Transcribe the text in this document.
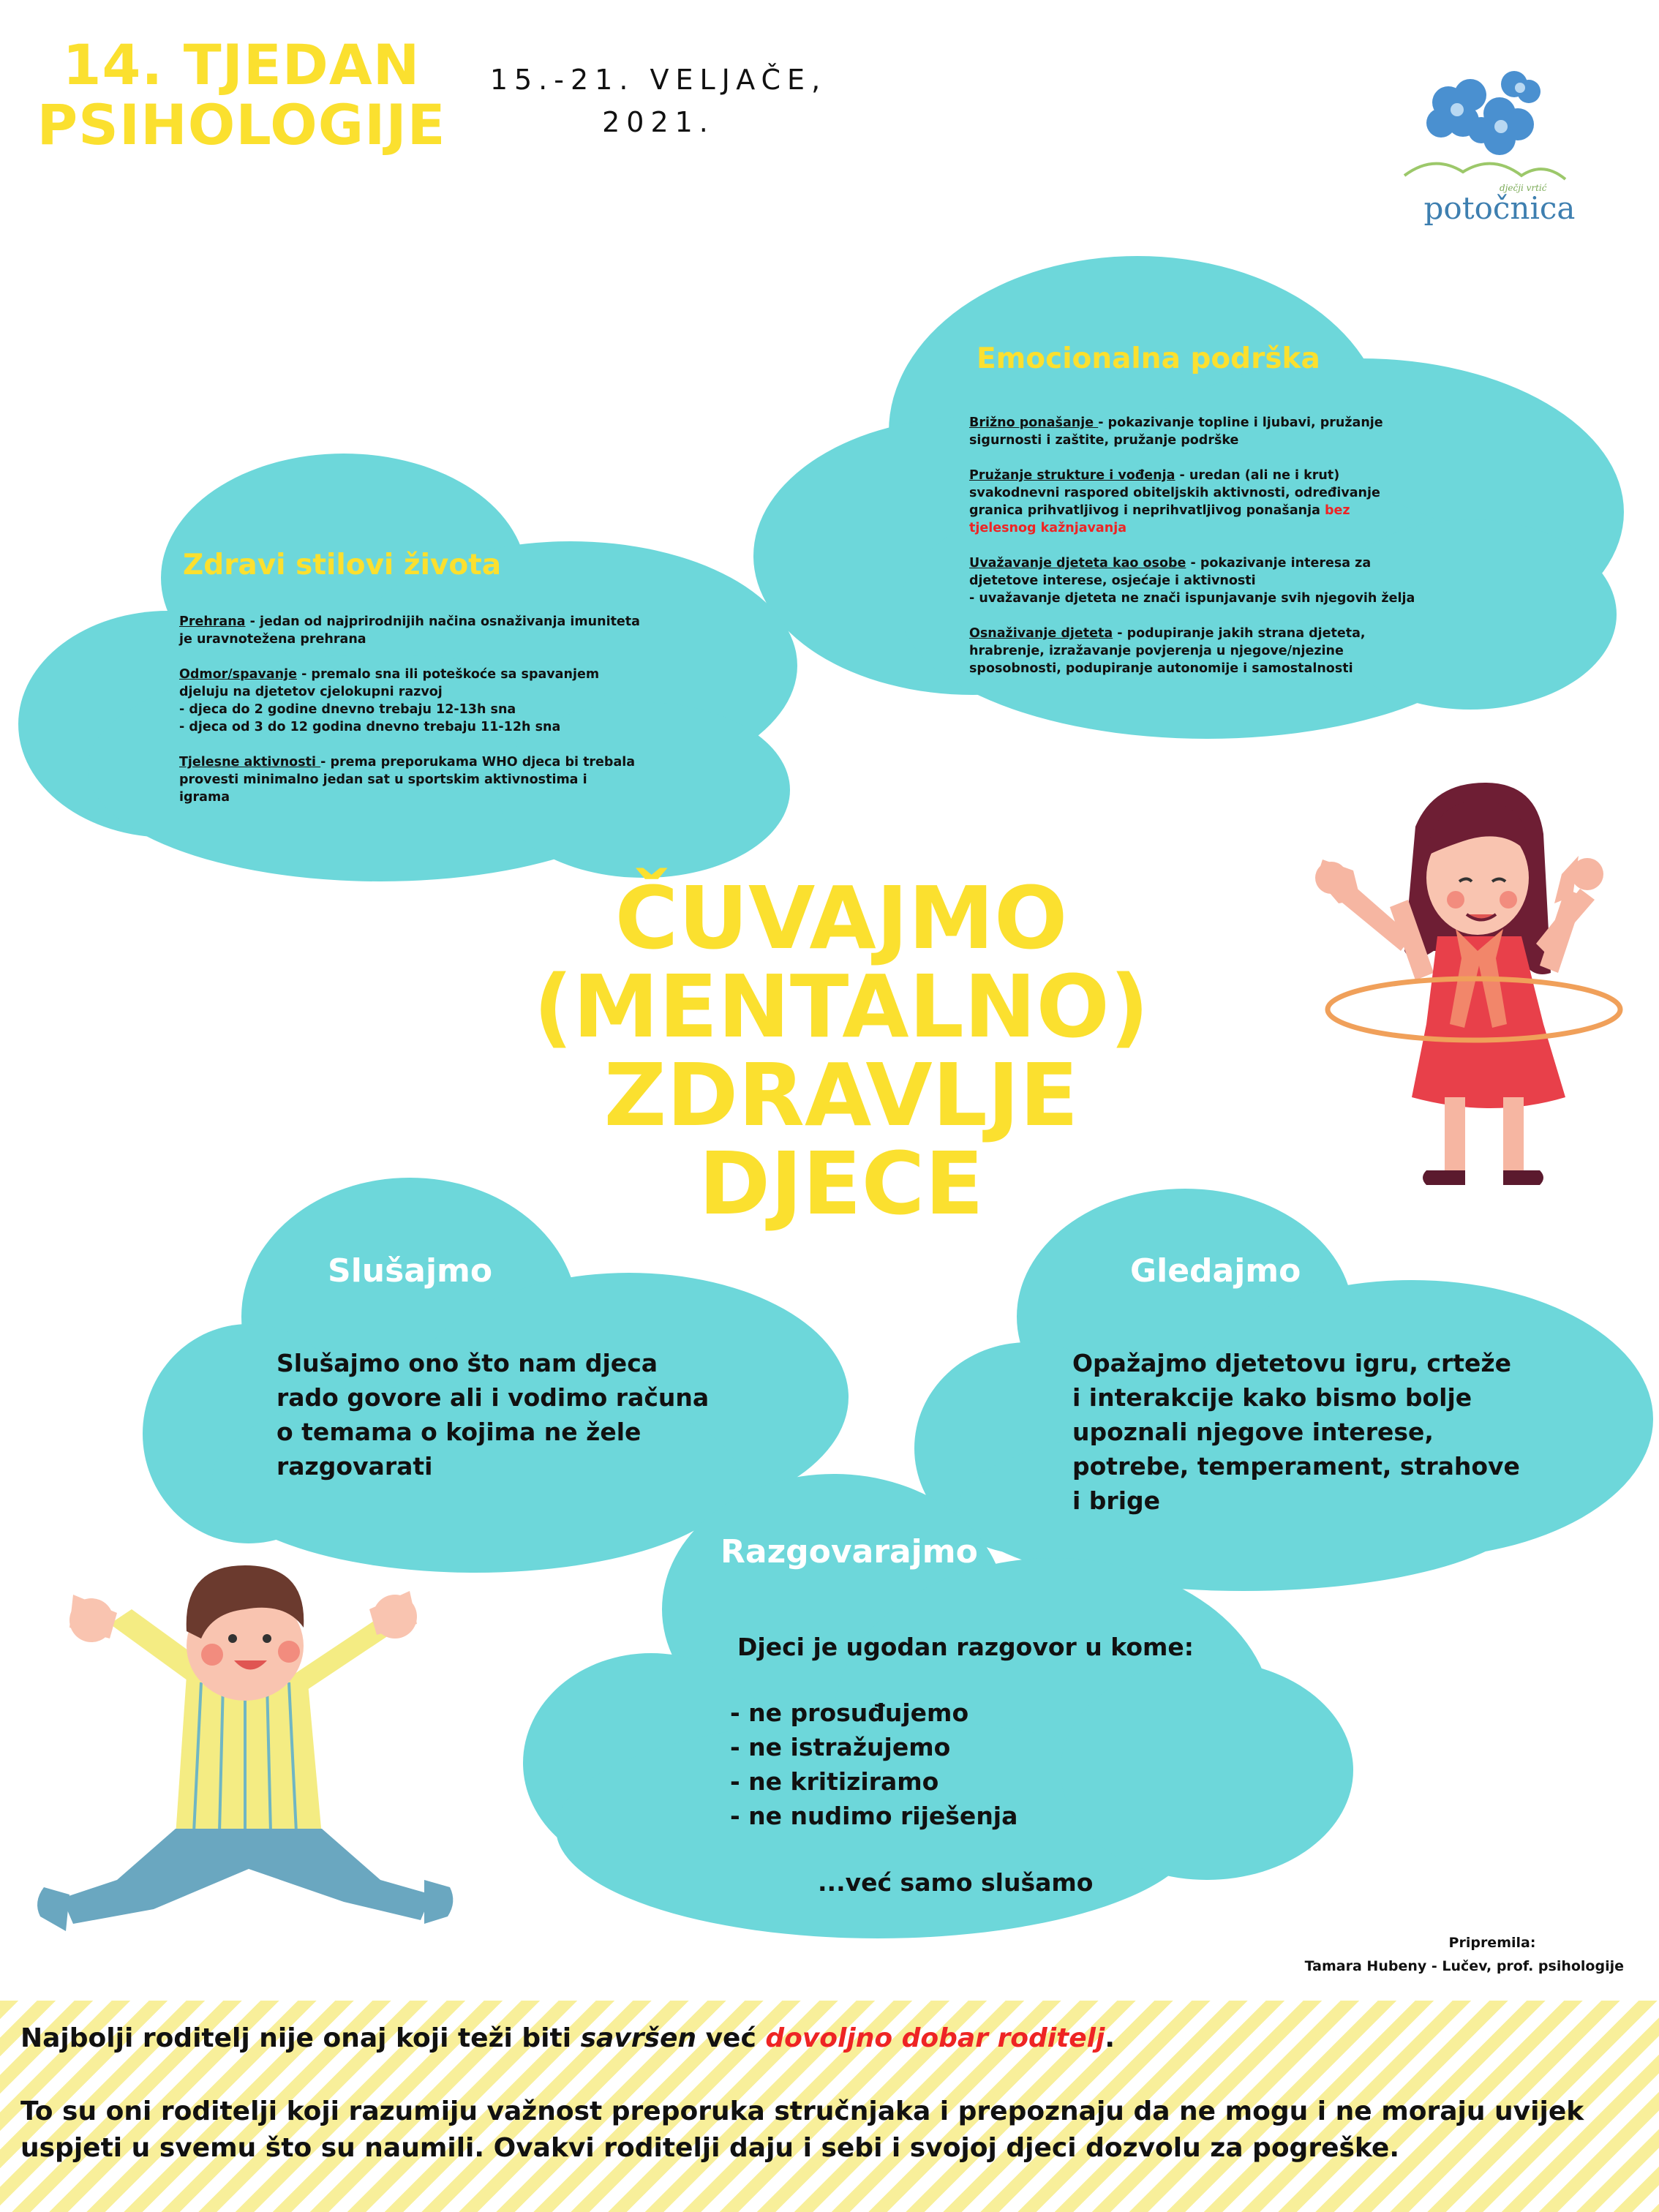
14. TJEDAN
PSIHOLOGIJE
15.-21. VELJAČE,
2021.
dječji vrtić
potočnica
Emocionalna podrška

Brižno ponašanje - pokazivanje topline i ljubavi, pružanje sigurnosti i zaštite, pružanje podrške

Pružanje strukture i vođenja - uredan (ali ne i krut) svakodnevni raspored obiteljskih aktivnosti, određivanje granica prihvatljivog i neprihvatljivog ponašanja bez tjelesnog kažnjavanja

Uvažavanje djeteta kao osobe - pokazivanje interesa za djetetove interese, osjećaje i aktivnosti
- uvažavanje djeteta ne znači ispunjavanje svih njegovih želja

Osnaživanje djeteta - podupiranje jakih strana djeteta, hrabrenje, izražavanje povjerenja u njegove/njezine sposobnosti, podupiranje autonomije i samostalnosti

Zdravi stilovi života

Prehrana - jedan od najprirodnijih načina osnaživanja imuniteta je uravnotežena prehrana

Odmor/spavanje - premalo sna ili poteškoće sa spavanjem djeluju na djetetov cjelokupni razvoj
- djeca do 2 godine dnevno trebaju 12-13h sna
- djeca od 3 do 12 godina dnevno trebaju 11-12h sna

Tjelesne aktivnosti - prema preporukama WHO djeca bi trebala provesti minimalno jedan sat u sportskim aktivnostima i igrama

ČUVAJMO
(MENTALNO)
ZDRAVLJE
DJECE
Slušajmo
Slušajmo ono što nam djeca rado govore ali i vodimo računa o temama o kojima ne žele razgovarati
Gledajmo
Opažajmo djetetovu igru, crteže i interakcije kako bismo bolje upoznali njegove interese, potrebe, temperament, strahove i brige
Razgovarajmo
Djeci je ugodan razgovor u kome:
- ne prosuđujemo
- ne istražujemo
- ne kritiziramo
- ne nudimo riješenja
...već samo slušamo
Pripremila:
Tamara Hubeny - Lučev, prof. psihologije

Najbolji roditelj nije onaj koji teži biti savršen već dovoljno dobar roditelj.

To su oni roditelji koji razumiju važnost preporuka stručnjaka i prepoznaju da ne mogu i ne moraju uvijek uspjeti u svemu što su naumili. Ovakvi roditelji daju i sebi i svojoj djeci dozvolu za pogreške.
